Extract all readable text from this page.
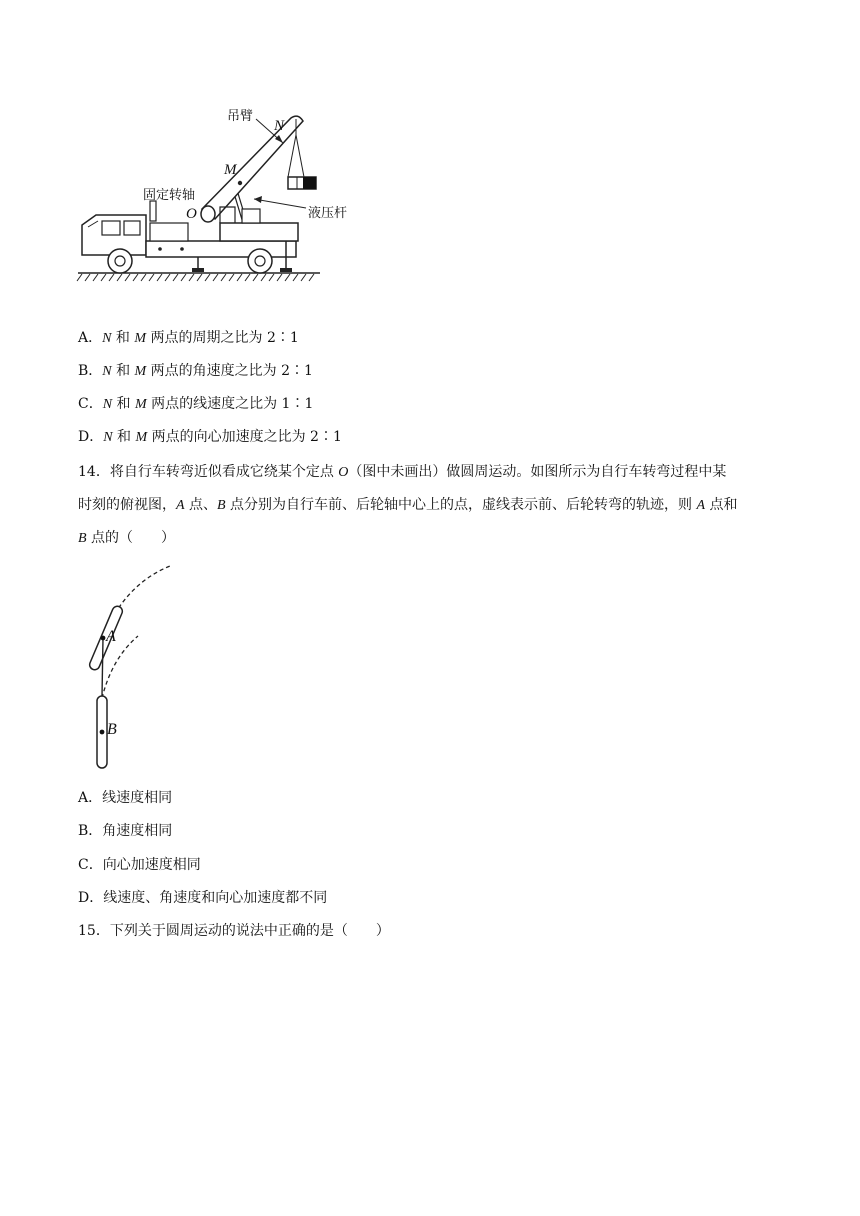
吊臂
N
M
O
固定转轴
液压杆
A．N 和 M 两点的周期之比为 2∶1
B．N 和 M 两点的角速度之比为 2∶1
C．N 和 M 两点的线速度之比为 1∶1
D．N 和 M 两点的向心加速度之比为 2∶1
14．将自行车转弯近似看成它绕某个定点 O（图中未画出）做圆周运动。如图所示为自行车转弯过程中某
时刻的俯视图，A 点、B 点分别为自行车前、后轮轴中心上的点，虚线表示前、后轮转弯的轨迹，则 A 点和
B 点的（　　）
A
B
A．线速度相同
B．角速度相同
C．向心加速度相同
D．线速度、角速度和向心加速度都不同
15．下列关于圆周运动的说法中正确的是（　　）
